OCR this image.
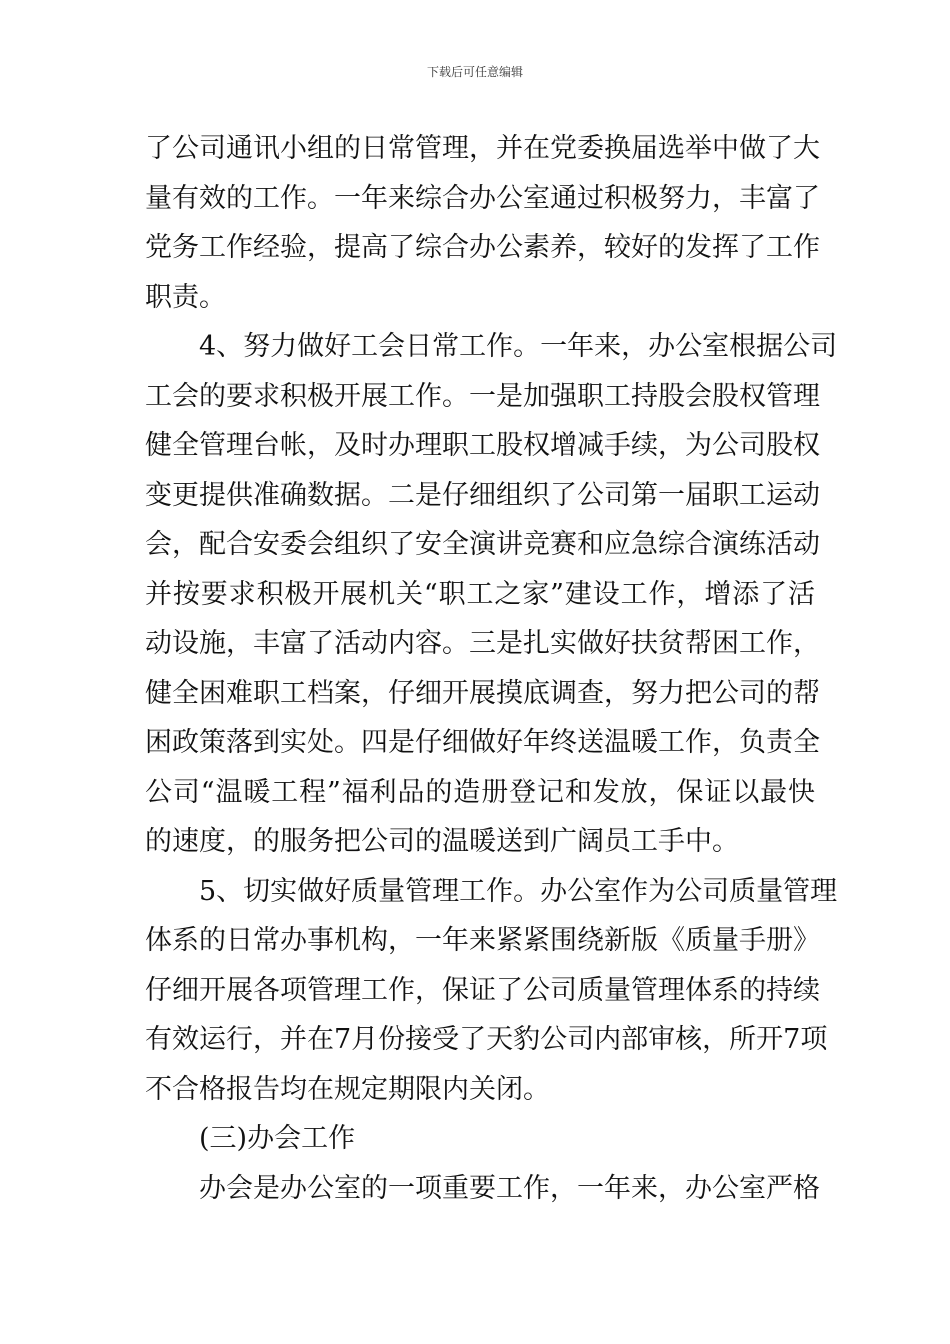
下载后可任意编辑
了公司通讯小组的日常管理，并在党委换届选举中做了大
量有效的工作。一年来综合办公室通过积极努力，丰富了
党务工作经验，提高了综合办公素养，较好的发挥了工作
职责。
4、努力做好工会日常工作。一年来，办公室根据公司
工会的要求积极开展工作。一是加强职工持股会股权管理
健全管理台帐，及时办理职工股权增减手续，为公司股权
变更提供准确数据。二是仔细组织了公司第一届职工运动
会，配合安委会组织了安全演讲竞赛和应急综合演练活动
并按要求积极开展机关“职工之家”建设工作，增添了活
动设施，丰富了活动内容。三是扎实做好扶贫帮困工作，
健全困难职工档案，仔细开展摸底调查，努力把公司的帮
困政策落到实处。四是仔细做好年终送温暖工作，负责全
公司“温暖工程”福利品的造册登记和发放，保证以最快
的速度，的服务把公司的温暖送到广阔员工手中。
5、切实做好质量管理工作。办公室作为公司质量管理
体系的日常办事机构，一年来紧紧围绕新版《质量手册》
仔细开展各项管理工作，保证了公司质量管理体系的持续
有效运行，并在7月份接受了天豹公司内部审核，所开7项
不合格报告均在规定期限内关闭。
(三)办会工作
办会是办公室的一项重要工作，一年来，办公室严格
